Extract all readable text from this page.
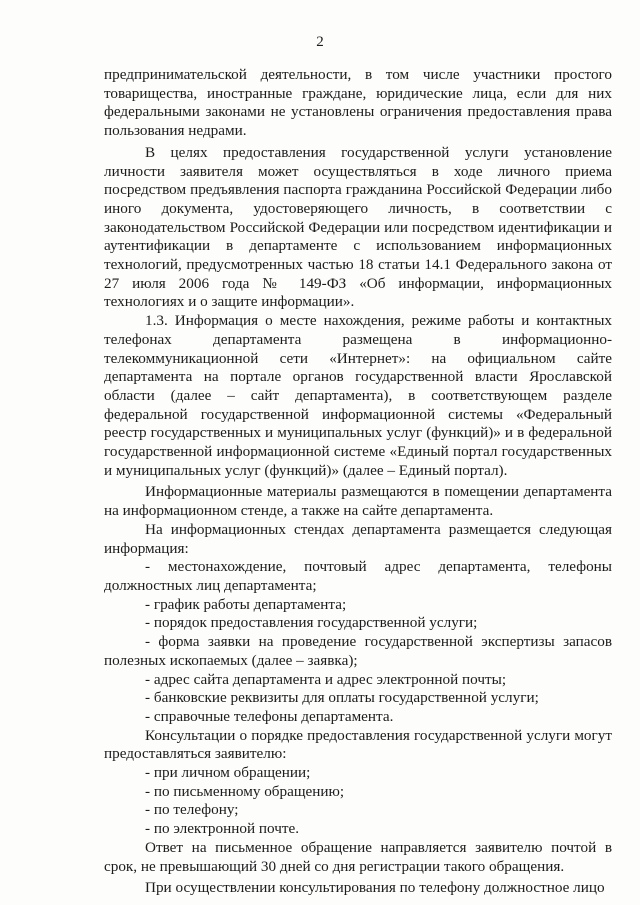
2

предпринимательской деятельности, в том числе участники простого товарищества, иностранные граждане, юридические лица, если для них федеральными законами не установлены ограничения предоставления права пользования недрами.

В целях предоставления государственной услуги установление личности заявителя может осуществляться в ходе личного приема посредством предъявления паспорта гражданина Российской Федерации либо иного документа, удостоверяющего личность, в соответствии с законодательством Российской Федерации или посредством идентификации и аутентификации в департаменте с использованием информационных технологий, предусмотренных частью 18 статьи 14.1 Федерального закона от 27 июля 2006 года № 149-ФЗ «Об информации, информационных технологиях и о защите информации».

1.3. Информация о месте нахождения, режиме работы и контактных телефонах департамента размещена в информационно-телекоммуникационной сети «Интернет»: на официальном сайте департамента на портале органов государственной власти Ярославской области (далее – сайт департамента), в соответствующем разделе федеральной государственной информационной системы «Федеральный реестр государственных и муниципальных услуг (функций)» и в федеральной государственной информационной системе «Единый портал государственных и муниципальных услуг (функций)» (далее – Единый портал).

Информационные материалы размещаются в помещении департамента на информационном стенде, а также на сайте департамента.

На информационных стендах департамента размещается следующая информация:

- местонахождение, почтовый адрес департамента, телефоны должностных лиц департамента;

- график работы департамента;

- порядок предоставления государственной услуги;

- форма заявки на проведение государственной экспертизы запасов полезных ископаемых (далее – заявка);

- адрес сайта департамента и адрес электронной почты;

- банковские реквизиты для оплаты государственной услуги;

- справочные телефоны департамента.

Консультации о порядке предоставления государственной услуги могут предоставляться заявителю:

- при личном обращении;

- по письменному обращению;

- по телефону;

- по электронной почте.

Ответ на письменное обращение направляется заявителю почтой в срок, не превышающий 30 дней со дня регистрации такого обращения.

При осуществлении консультирования по телефону должностное лицо
